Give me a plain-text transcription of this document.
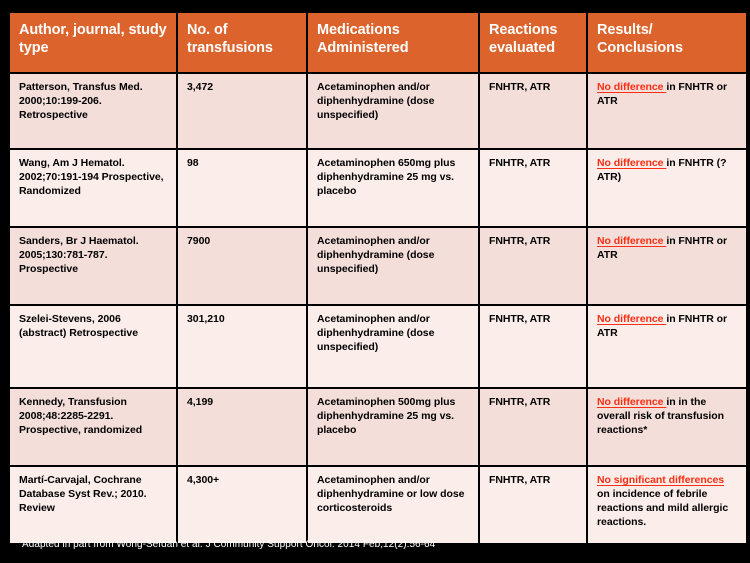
Author, journal, study type	No. of transfusions	Medications Administered	Reactions evaluated	Results/ Conclusions
Patterson, Transfus Med. 2000;10:199-206. Retrospective	3,472	Acetaminophen and/or diphenhydramine (dose unspecified)	FNHTR, ATR	No difference in FNHTR or ATR
Wang, Am J Hematol. 2002;70:191-194 Prospective, Randomized	98	Acetaminophen 650mg plus diphenhydramine 25 mg vs. placebo	FNHTR, ATR	No difference in FNHTR (? ATR)
Sanders, Br J Haematol. 2005;130:781-787. Prospective	7900	Acetaminophen and/or diphenhydramine (dose unspecified)	FNHTR, ATR	No difference in FNHTR or ATR
Szelei-Stevens, 2006 (abstract) Retrospective	301,210	Acetaminophen and/or diphenhydramine (dose unspecified)	FNHTR, ATR	No difference in FNHTR or ATR
Kennedy, Transfusion 2008;48:2285-2291. Prospective, randomized	4,199	Acetaminophen 500mg plus diphenhydramine 25 mg vs. placebo	FNHTR, ATR	No difference in in the overall risk of transfusion reactions*
Martí-Carvajal, Cochrane Database Syst Rev.; 2010. Review	4,300+	Acetaminophen and/or diphenhydramine or low dose corticosteroids	FNHTR, ATR	No significant differences on incidence of febrile reactions and mild allergic reactions.
Adapted in part from Wong-Sefdan et al. J Community Support Oncol. 2014 Feb;12(2):56-64
